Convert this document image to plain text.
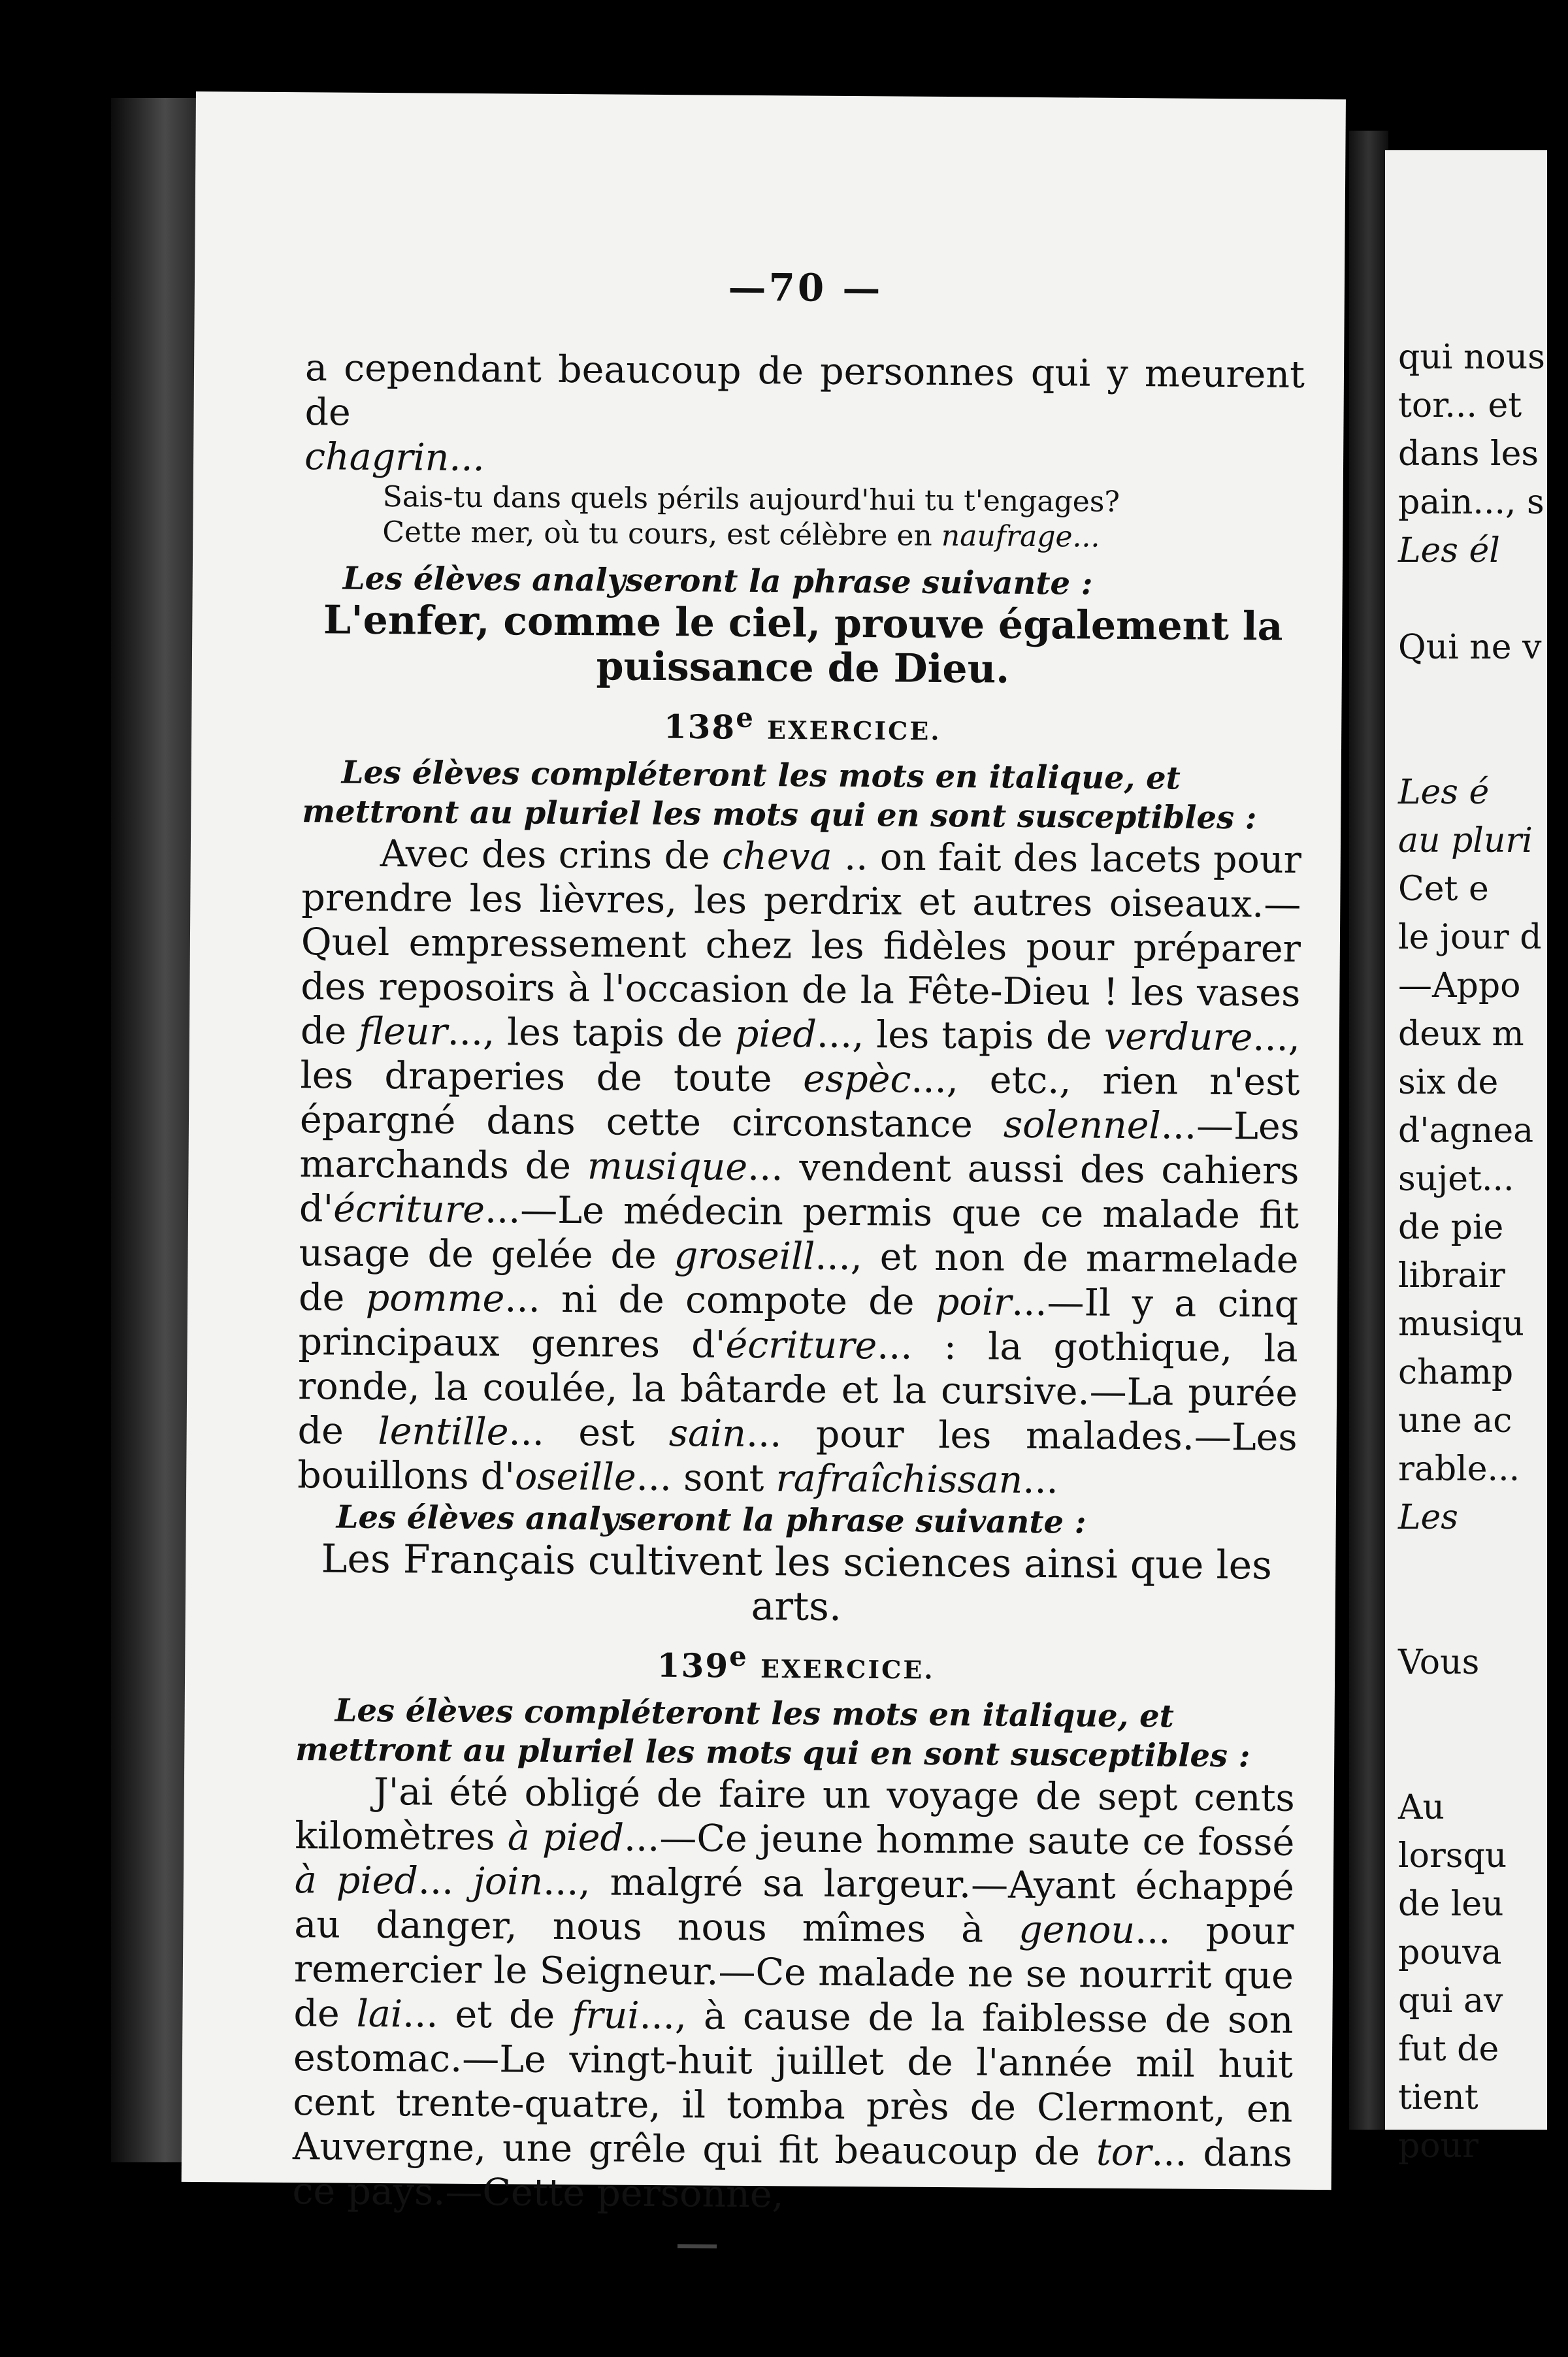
—70 —

a cependant beaucoup de personnes qui y meurent de
chagrin...

Sais-tu dans quels périls aujourd'hui tu t'engages?

Cette mer, où tu cours, est célèbre en naufrage...

Les élèves analyseront la phrase suivante :

L'enfer, comme le ciel, prouve également la puissance de Dieu.

138e EXERCICE.

Les élèves compléteront les mots en italique, et mettront au pluriel les mots qui en sont susceptibles :

Avec des crins de cheva .. on fait des lacets pour prendre les lièvres, les perdrix et autres oiseaux.—Quel empressement chez les fidèles pour préparer des reposoirs à l'occasion de la Fête-Dieu ! les vases de fleur..., les tapis de pied..., les tapis de verdure..., les draperies de toute espèc..., etc., rien n'est épargné dans cette circonstance solennel...—Les marchands de musique... vendent aussi des cahiers d'écriture...—Le médecin permis que ce malade fit usage de gelée de groseill..., et non de marmelade de pomme... ni de compote de poir...—Il y a cinq principaux genres d'écriture... : la gothique, la ronde, la coulée, la bâtarde et la cursive.—La purée de lentille... est sain... pour les malades.—Les bouillons d'oseille... sont rafraîchissan...

Les élèves analyseront la phrase suivante :

Les Français cultivent les sciences ainsi que les arts.

139e EXERCICE.

Les élèves compléteront les mots en italique, et mettront au pluriel les mots qui en sont susceptibles :

J'ai été obligé de faire un voyage de sept cents kilomètres à pied...—Ce jeune homme saute ce fossé à pied... join..., malgré sa largeur.—Ayant échappé au danger, nous nous mîmes à genou... pour remercier le Seigneur.—Ce malade ne se nourrit que de lai... et de frui..., à cause de la faiblesse de son estomac.—Le vingt-huit juillet de l'année mil huit cent trente-quatre, il tomba près de Clermont, en Auvergne, une grêle qui fit beaucoup de tor... dans ce pays.—Cette personne,

qui nous
tor... et
dans les
pain..., s
Les él
Qui ne v
Les é
au pluri
Cet e
le jour d
—Appo
deux m
six de
d'agnea
sujet...
de pie
librair
musiqu
champ
une ac
rable...
Les
Vous
Au
lorsqu
de leu
pouva
qui av
fut de
tient
pour
